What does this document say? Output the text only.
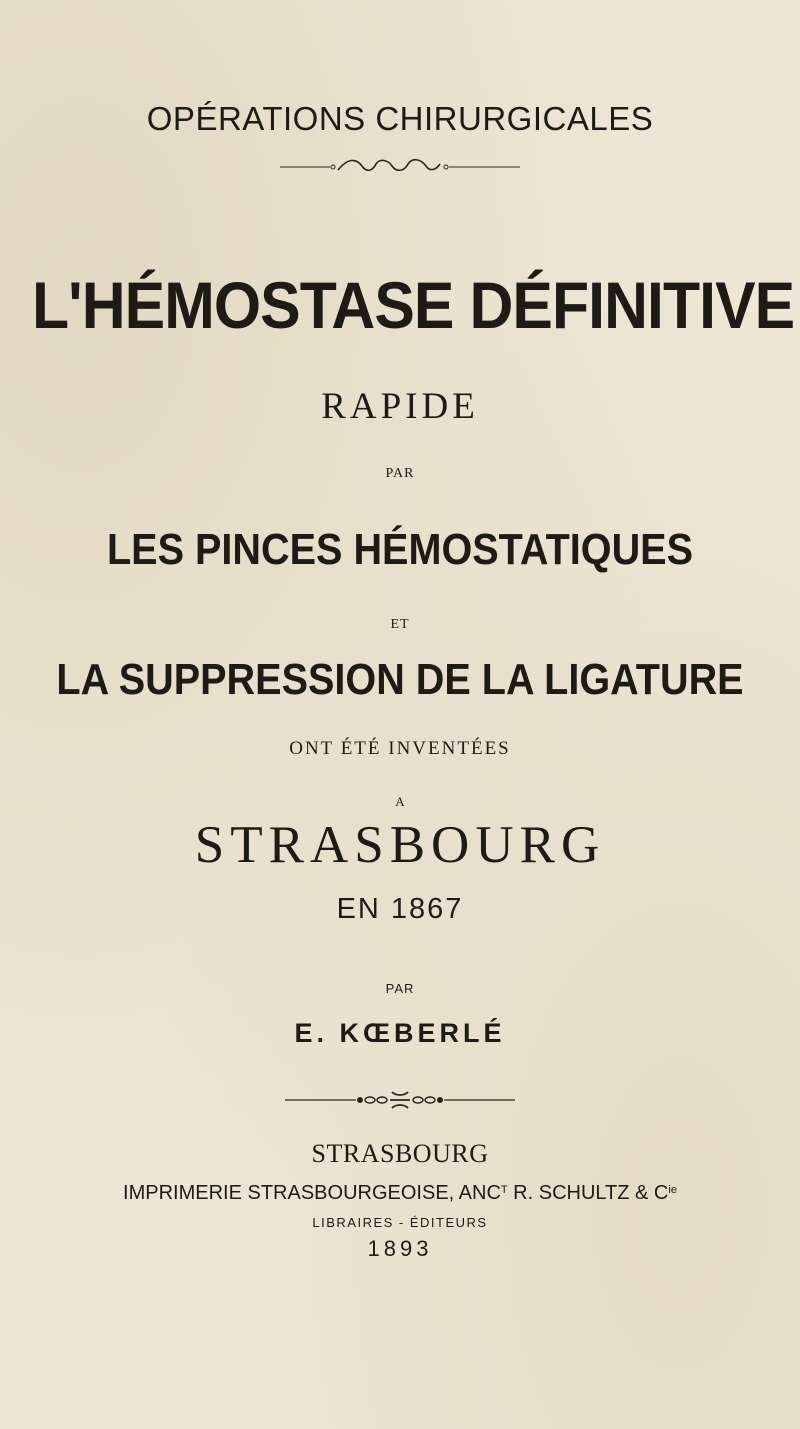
OPÉRATIONS CHIRURGICALES
L'HÉMOSTASE DÉFINITIVE
RAPIDE
PAR
LES PINCES HÉMOSTATIQUES
ET
LA SUPPRESSION DE LA LIGATURE
ONT ÉTÉ INVENTÉES
A
STRASBOURG
EN 1867
PAR
E. KŒBERLÉ
STRASBOURG
IMPRIMERIE STRASBOURGEOISE, $ANC^T$ R. SCHULTZ & $C^{ie}$
LIBRAIRES - ÉDITEURS
1893
